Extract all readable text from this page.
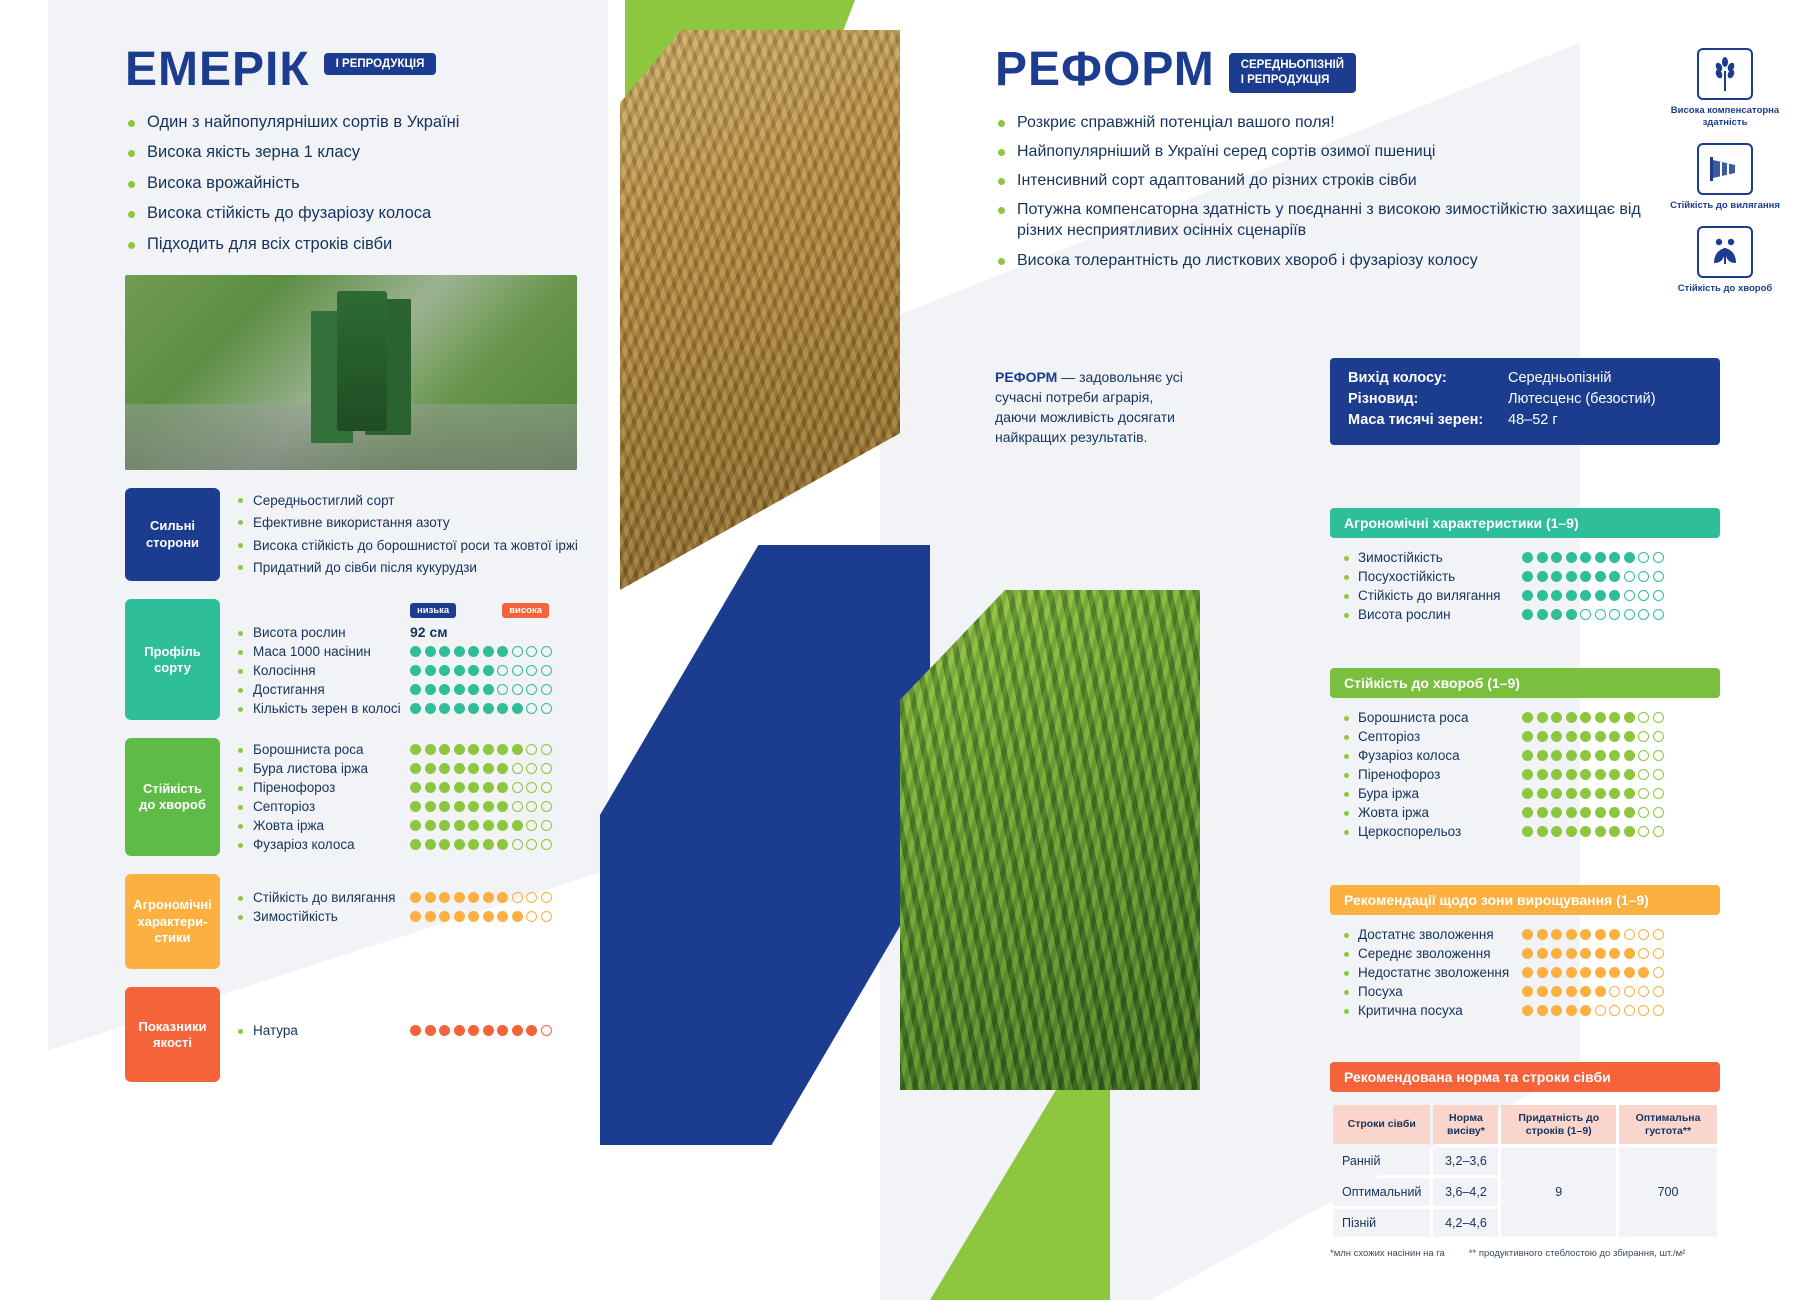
ЕМЕРІК	І РЕПРОДУКЦІЯ
Один з найпопулярніших сортів в Україні
Висока якість зерна 1 класу
Висока врожайність
Висока стійкість до фузаріозу колоса
Підходить для всіх строків сівби
Сильні
сторони
Середньостиглий сорт
Ефективне використання азоту
Висока стійкість до борошнистої роси та жовтої іржі
Придатний до сівби після кукурудзи
Профіль
сорту
низька	висока
Висота рослин	92 см
Маса 1000 насінин
Колосіння
Достигання
Кількість зерен в колосі
Стійкість
до хвороб
Борошниста роса
Бура листова іржа
Піренофороз
Септоріоз
Жовта іржа
Фузаріоз колоса
Агрономічні характери-стики
Стійкість до вилягання
Зимостійкість
Показники
якості
Натура
РЕФОРМ	СЕРЕДНЬОПІЗНІЙ
І РЕПРОДУКЦІЯ
Розкриє справжній потенціал вашого поля!
Найпопулярніший в Україні серед сортів озимої пшениці
Інтенсивний сорт адаптований до різних строків сівби
Потужна компенсаторна здатність у поєднанні з високою зимостійкістю захищає від різних несприятливих осінніх сценаріїв
Висока толерантність до листкових хвороб і фузаріозу колосу
Висока компенсаторна здатність
Стійкість до вилягання
Стійкість до хвороб
РЕФОРМ — задовольняє усі сучасні потреби аграрія, даючи можливість досягати найкращих результатів.
Вихід колосу:	Середньопізній
Різновид:	Лютесценс (безостий)
Маса тисячі зерен:	48–52 г
Агрономічні характеристики (1–9)
Зимостійкість
Посухостійкість
Стійкість до вилягання
Висота рослин
Стійкість до хвороб (1–9)
Борошниста роса
Септоріоз
Фузаріоз колоса
Піренофороз
Бура іржа
Жовта іржа
Церкоспорельоз
Рекомендації щодо зони вирощування (1–9)
Достатнє зволоження
Середнє зволоження
Недостатнє зволоження
Посуха
Критична посуха
Рекомендована норма та строки сівби
Строки сівби	Норма висіву*	Придатність до строків (1–9)	Оптимальна густота**
Ранній	3,2–3,6	9	700
Оптимальний	3,6–4,2		
Пізній	4,2–4,6		
*млн схожих насінин на га	** продуктивного стеблостою до збирання, шт./м²
